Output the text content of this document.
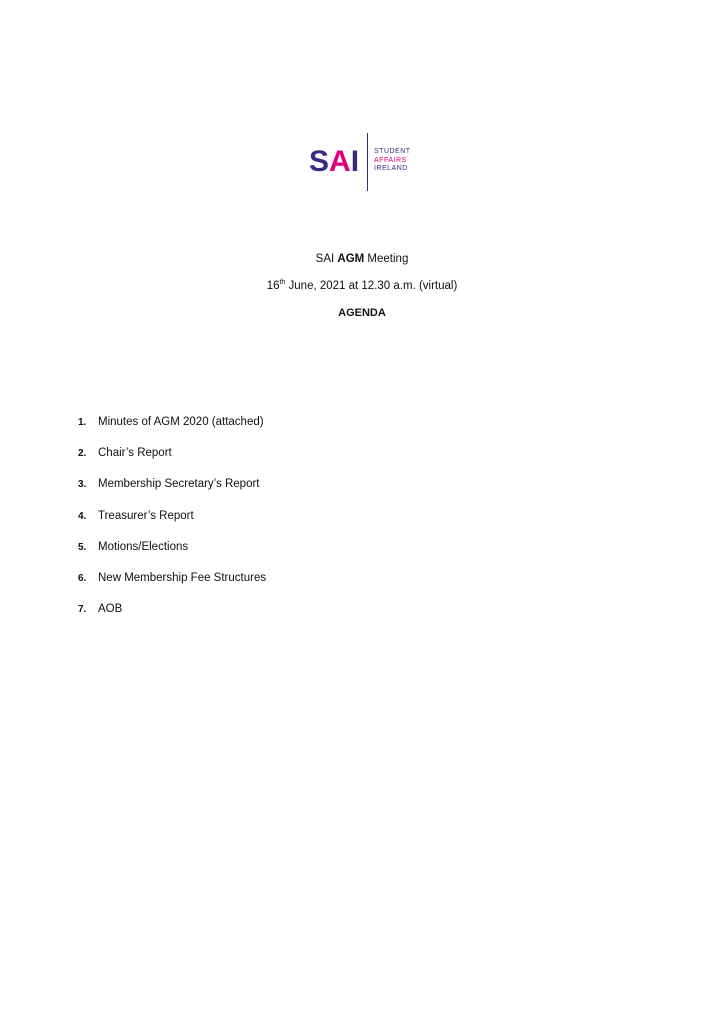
SAI STUDENT
AFFAIRS
IRELAND
SAI AGM Meeting
16th June, 2021 at 12.30 a.m. (virtual)
AGENDA
1.	Minutes of AGM 2020 (attached)
2.	Chair’s Report
3.	Membership Secretary’s Report
4.	Treasurer’s Report
5.	Motions/Elections
6.	New Membership Fee Structures
7.	AOB
